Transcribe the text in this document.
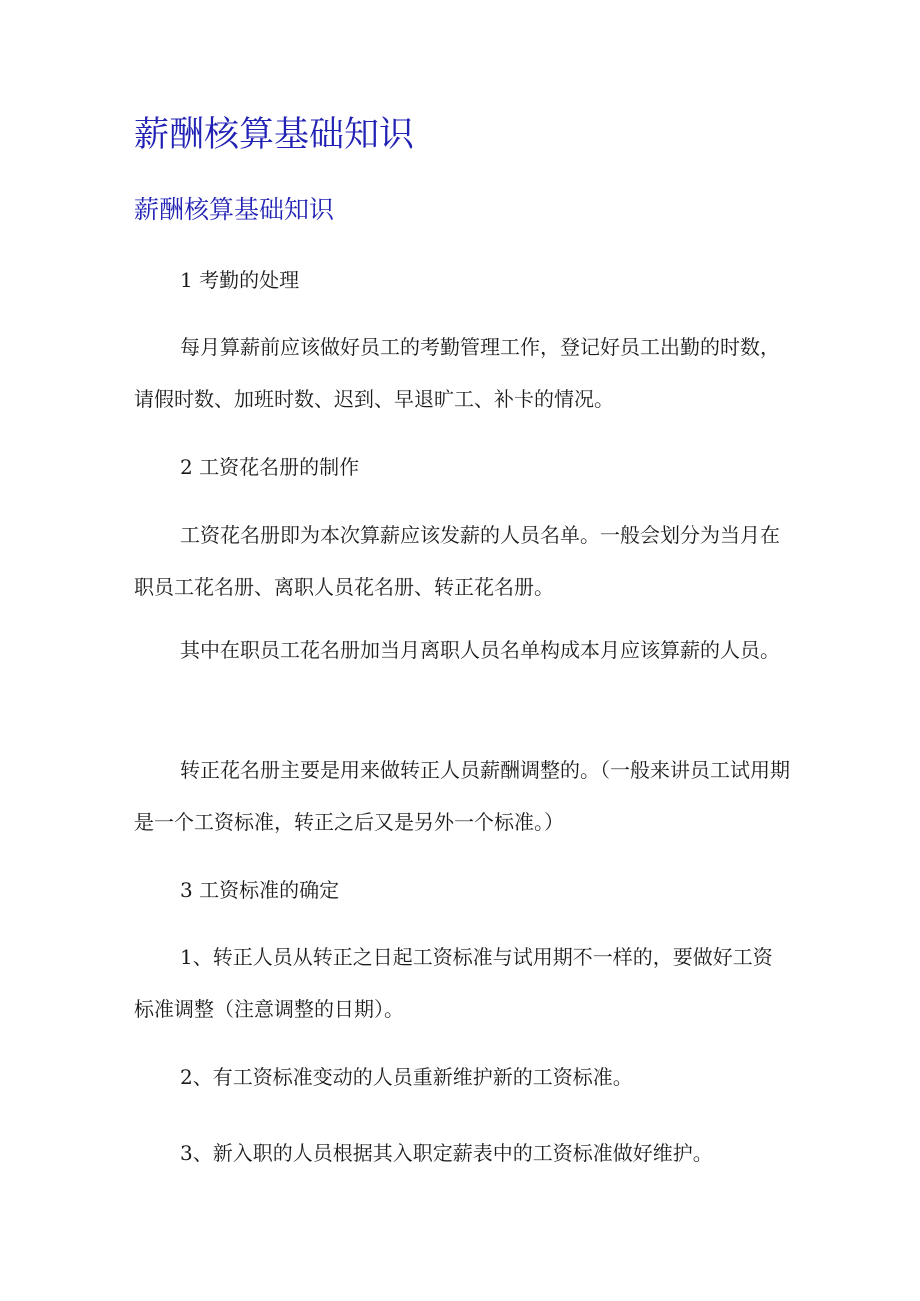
薪酬核算基础知识
薪酬核算基础知识

1 考勤的处理

每月算薪前应该做好员工的考勤管理工作，登记好员工出勤的时数，请假时数、加班时数、迟到、早退旷工、补卡的情况。

2 工资花名册的制作

工资花名册即为本次算薪应该发薪的人员名单。一般会划分为当月在职员工花名册、离职人员花名册、转正花名册。

其中在职员工花名册加当月离职人员名单构成本月应该算薪的人员。

转正花名册主要是用来做转正人员薪酬调整的。（一般来讲员工试用期是一个工资标准，转正之后又是另外一个标准。）

3 工资标准的确定

1、转正人员从转正之日起工资标准与试用期不一样的，要做好工资标准调整（注意调整的日期）。

2、有工资标准变动的人员重新维护新的工资标准。

3、新入职的人员根据其入职定薪表中的工资标准做好维护。
